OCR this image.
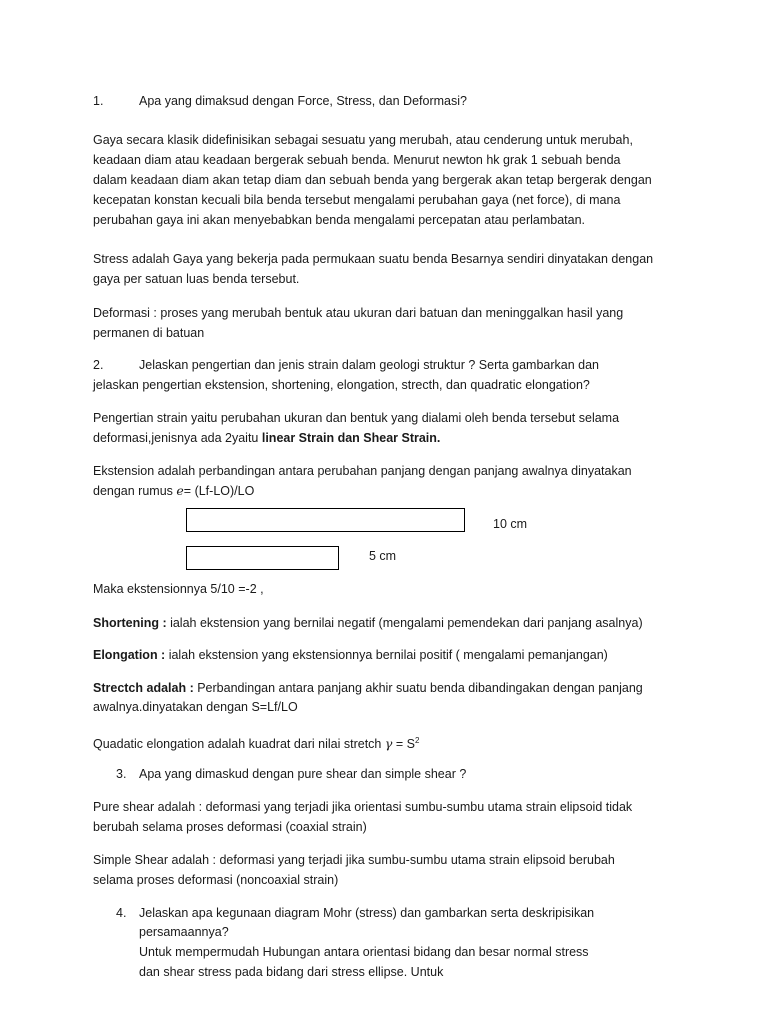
1.	Apa yang dimaksud dengan Force, Stress, dan Deformasi?
Gaya secara klasik didefinisikan sebagai sesuatu yang merubah, atau cenderung untuk merubah,
keadaan diam atau keadaan bergerak sebuah benda. Menurut newton hk grak 1 sebuah benda
dalam keadaan diam akan tetap diam dan sebuah benda yang bergerak akan tetap bergerak dengan
kecepatan konstan kecuali bila benda tersebut mengalami perubahan gaya (net force), di mana
perubahan gaya ini akan menyebabkan benda mengalami percepatan atau perlambatan.
Stress adalah Gaya yang bekerja pada permukaan suatu benda Besarnya sendiri dinyatakan dengan
gaya per satuan luas benda tersebut.
Deformasi : proses yang merubah bentuk atau ukuran dari batuan dan meninggalkan hasil yang
permanen di batuan
2.	Jelaskan pengertian dan jenis strain dalam geologi struktur ? Serta gambarkan dan
jelaskan pengertian ekstension, shortening, elongation, strecth, dan quadratic elongation?
Pengertian strain yaitu perubahan ukuran dan bentuk yang dialami oleh benda tersebut selama
deformasi,jenisnya ada 2yaitu linear Strain dan Shear Strain.
Ekstension adalah perbandingan antara perubahan panjang dengan panjang awalnya dinyatakan
dengan rumus e= (Lf-LO)/LO
10 cm
5 cm
Maka ekstensionnya 5/10 =-2 ,
Shortening : ialah ekstension yang bernilai negatif (mengalami pemendekan dari panjang asalnya)
Elongation : ialah ekstension yang ekstensionnya bernilai positif ( mengalami pemanjangan)
Strectch adalah : Perbandingan antara panjang akhir suatu benda dibandingakan dengan panjang
awalnya.dinyatakan dengan S=Lf/LO
Quadatic elongation adalah kuadrat dari nilai stretch $\gamma = S^2$
3. Apa yang dimaskud dengan pure shear dan simple shear ?
Pure shear adalah : deformasi yang terjadi jika orientasi sumbu-sumbu utama strain elipsoid tidak
berubah selama proses deformasi (coaxial strain)
Simple Shear adalah : deformasi yang terjadi jika sumbu-sumbu utama strain elipsoid berubah
selama proses deformasi (noncoaxial strain)
4. Jelaskan apa kegunaan diagram Mohr (stress) dan gambarkan serta deskripisikan
persamaannya?
Untuk mempermudah Hubungan antara orientasi bidang dan besar normal stress
dan shear stress pada bidang dari stress ellipse. Untuk
